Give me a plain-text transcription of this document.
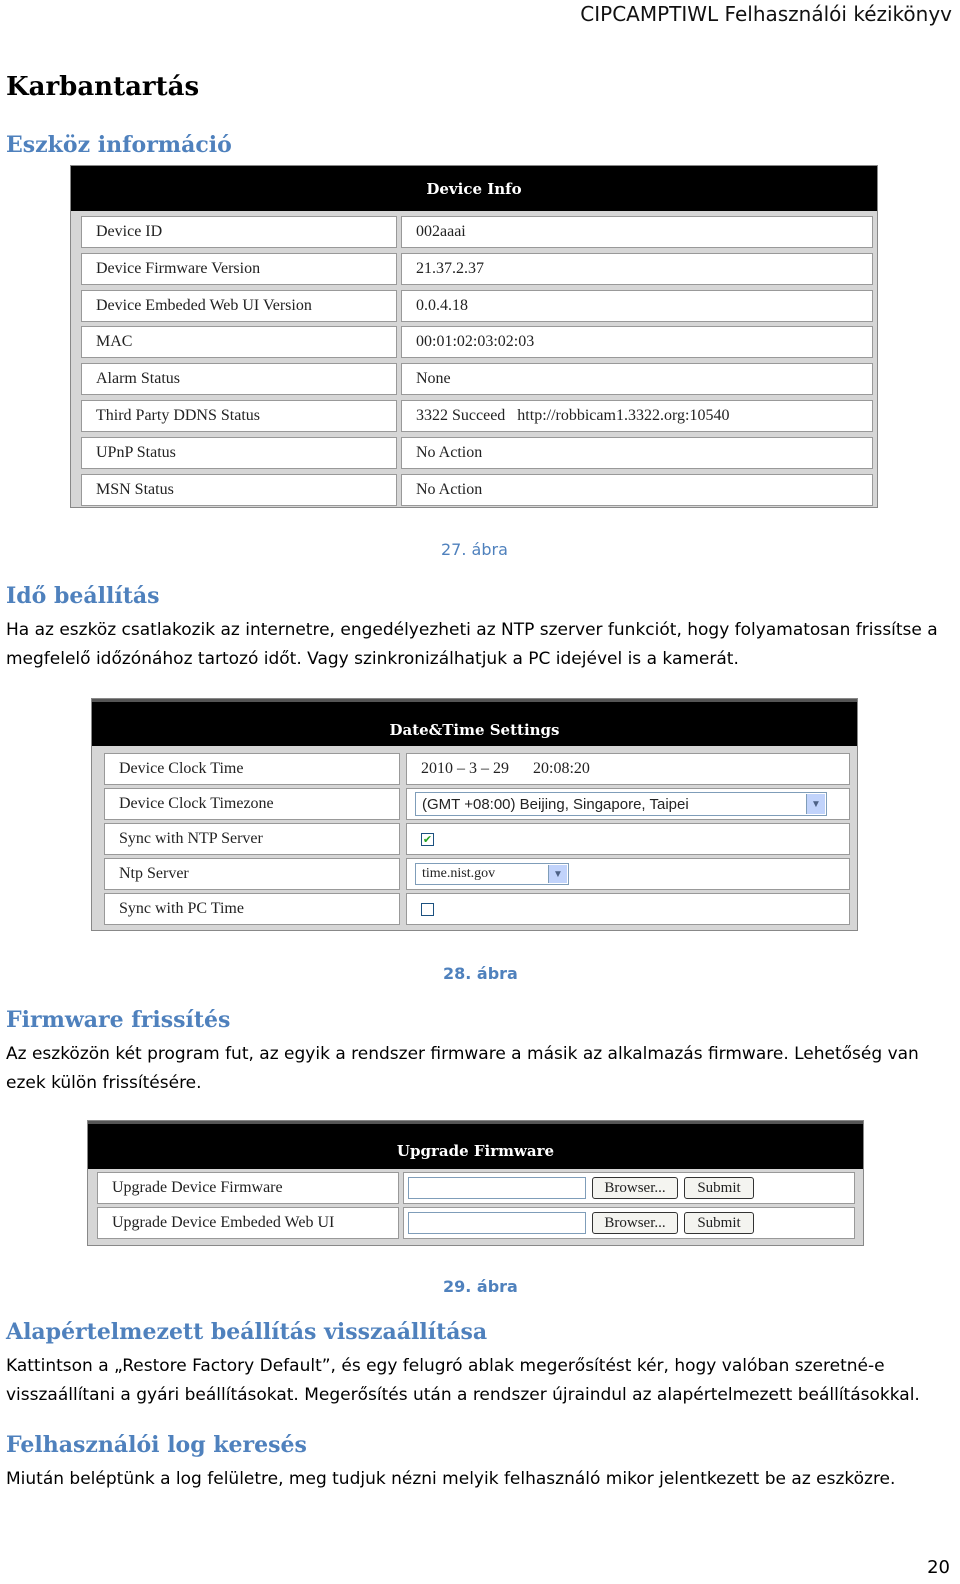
CIPCAMPTIWL Felhasználói kézikönyv
Karbantartás
Eszköz információ
Device Info
Device ID	002aaai
Device Firmware Version	21.37.2.37
Device Embeded Web UI Version	0.0.4.18
MAC	00:01:02:03:02:03
Alarm Status	None
Third Party DDNS Status	3322 Succeed   http://robbicam1.3322.org:10540
UPnP Status	No Action
MSN Status	No Action
27. ábra
Idő beállítás
Ha az eszköz csatlakozik az internetre, engedélyezheti az NTP szerver funkciót, hogy folyamatosan frissítse a megfelelő időzónához tartozó időt. Vagy szinkronizálhatjuk a PC idejével is a kamerát.
Date&Time Settings
Device Clock Time	2010 – 3 – 29      20:08:20
Device Clock Timezone	(GMT +08:00) Beijing, Singapore, Taipei	▼
Sync with NTP Server	✔
Ntp Server	time.nist.gov	▼
Sync with PC Time
28. ábra
Firmware frissítés
Az eszközön két program fut, az egyik a rendszer firmware a másik az alkalmazás firmware. Lehetőség van ezek külön frissítésére.
Upgrade Firmware
Upgrade Device Firmware	Browser...	Submit
Upgrade Device Embeded Web UI	Browser...	Submit
29. ábra
Alapértelmezett beállítás visszaállítása
Kattintson a „Restore Factory Default”, és egy felugró ablak megerősítést kér, hogy valóban szeretné-e visszaállítani a gyári beállításokat. Megerősítés után a rendszer újraindul az alapértelmezett beállításokkal.
Felhasználói log keresés
Miután beléptünk a log felületre, meg tudjuk nézni melyik felhasználó mikor jelentkezett be az eszközre.
20
